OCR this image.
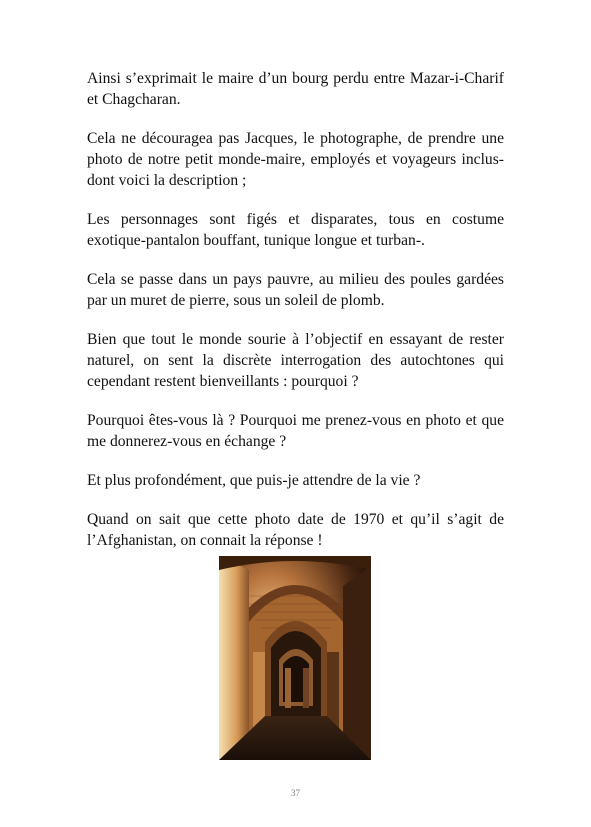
Ainsi s’exprimait le maire d’un bourg perdu entre Mazar-i-Charif et Chagcharan.

Cela ne découragea pas Jacques, le photographe, de prendre une photo de notre petit monde-maire, employés et voyageurs inclus-dont voici la description ;

Les personnages sont figés et disparates, tous en costume exotique-pantalon bouffant, tunique longue et turban-.

Cela se passe dans un pays pauvre, au milieu des poules gardées par un muret de pierre, sous un soleil de plomb.

Bien que tout le monde sourie à l’objectif en essayant de rester naturel, on sent la discrète interrogation des autochtones qui cependant restent bienveillants : pourquoi ?

Pourquoi êtes-vous là ? Pourquoi me prenez-vous en photo et que me donnerez-vous en échange ?

Et plus profondément, que puis-je attendre de la vie ?

Quand on sait que cette photo date de 1970 et qu’il s’agit de l’Afghanistan, on connait la réponse !

37
